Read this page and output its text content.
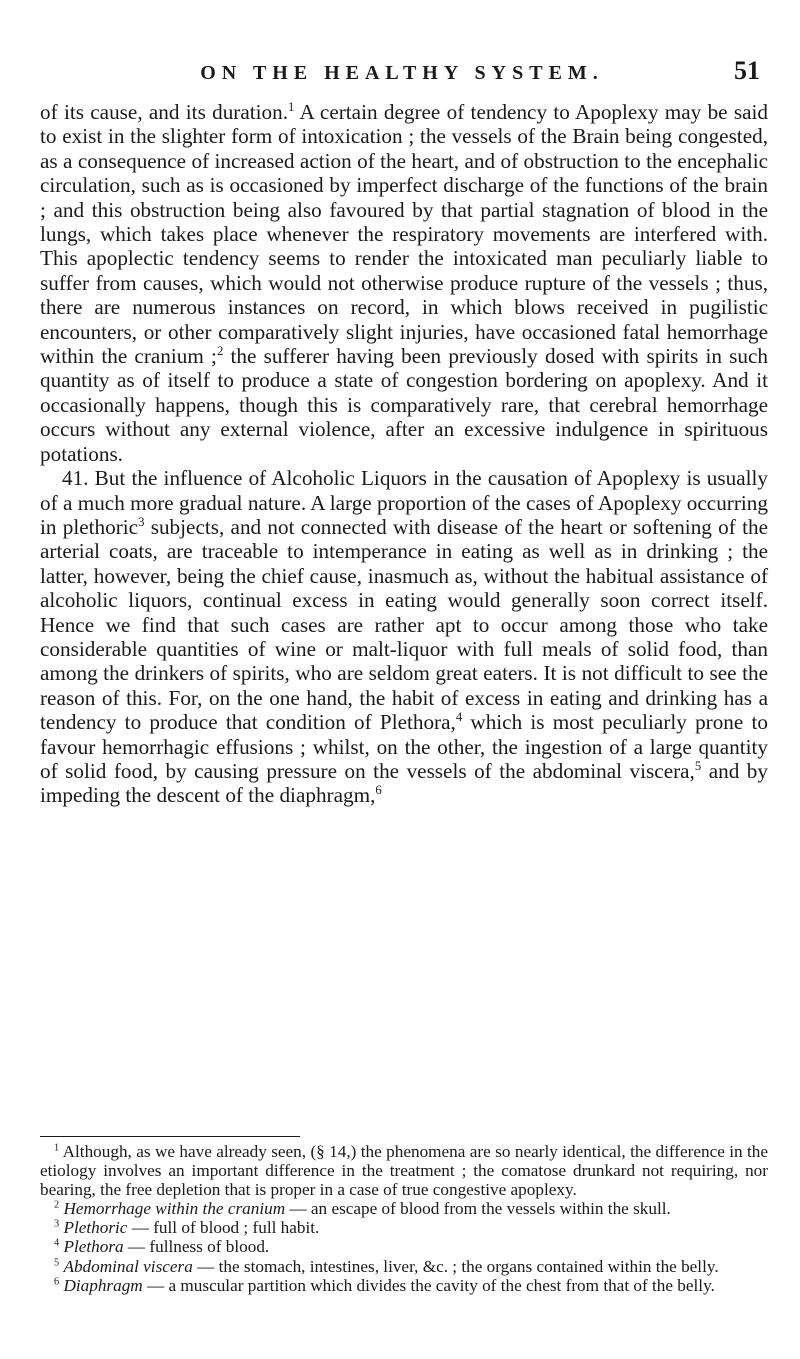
ON THE HEALTHY SYSTEM.	51

of its cause, and its duration.$^1$ A certain degree of tendency to Apoplexy may be said to exist in the slighter form of intoxication ; the vessels of the Brain being congested, as a consequence of increased action of the heart, and of obstruction to the encephalic circulation, such as is occasioned by imperfect discharge of the functions of the brain ; and this obstruction being also favoured by that partial stagnation of blood in the lungs, which takes place whenever the respiratory movements are interfered with. This apoplectic tendency seems to render the intoxicated man peculiarly liable to suffer from causes, which would not otherwise produce rupture of the vessels ; thus, there are numerous instances on record, in which blows received in pugilistic encounters, or other comparatively slight injuries, have occasioned fatal hemorrhage within the cranium ;$^2$ the sufferer having been previously dosed with spirits in such quantity as of itself to produce a state of congestion bordering on apoplexy. And it occasionally happens, though this is comparatively rare, that cerebral hemorrhage occurs without any external violence, after an excessive indulgence in spirituous potations.

41. But the influence of Alcoholic Liquors in the causation of Apoplexy is usually of a much more gradual nature. A large proportion of the cases of Apoplexy occurring in plethoric$^3$ subjects, and not connected with disease of the heart or softening of the arterial coats, are traceable to intemperance in eating as well as in drinking ; the latter, however, being the chief cause, inasmuch as, without the habitual assistance of alcoholic liquors, continual excess in eating would generally soon correct itself. Hence we find that such cases are rather apt to occur among those who take considerable quantities of wine or malt-liquor with full meals of solid food, than among the drinkers of spirits, who are seldom great eaters. It is not difficult to see the reason of this. For, on the one hand, the habit of excess in eating and drinking has a tendency to produce that condition of Plethora,$^4$ which is most peculiarly prone to favour hemorrhagic effusions ; whilst, on the other, the ingestion of a large quantity of solid food, by causing pressure on the vessels of the abdominal viscera,$^5$ and by impeding the descent of the diaphragm,$^6$

$^1$ Although, as we have already seen, (§ 14,) the phenomena are so nearly identical, the difference in the etiology involves an important difference in the treatment ; the comatose drunkard not requiring, nor bearing, the free depletion that is proper in a case of true congestive apoplexy.

$^2$ Hemorrhage within the cranium — an escape of blood from the vessels within the skull.

$^3$ Plethoric — full of blood ; full habit.

$^4$ Plethora — fullness of blood.

$^5$ Abdominal viscera — the stomach, intestines, liver, &c. ; the organs contained within the belly.

$^6$ Diaphragm — a muscular partition which divides the cavity of the chest from that of the belly.
